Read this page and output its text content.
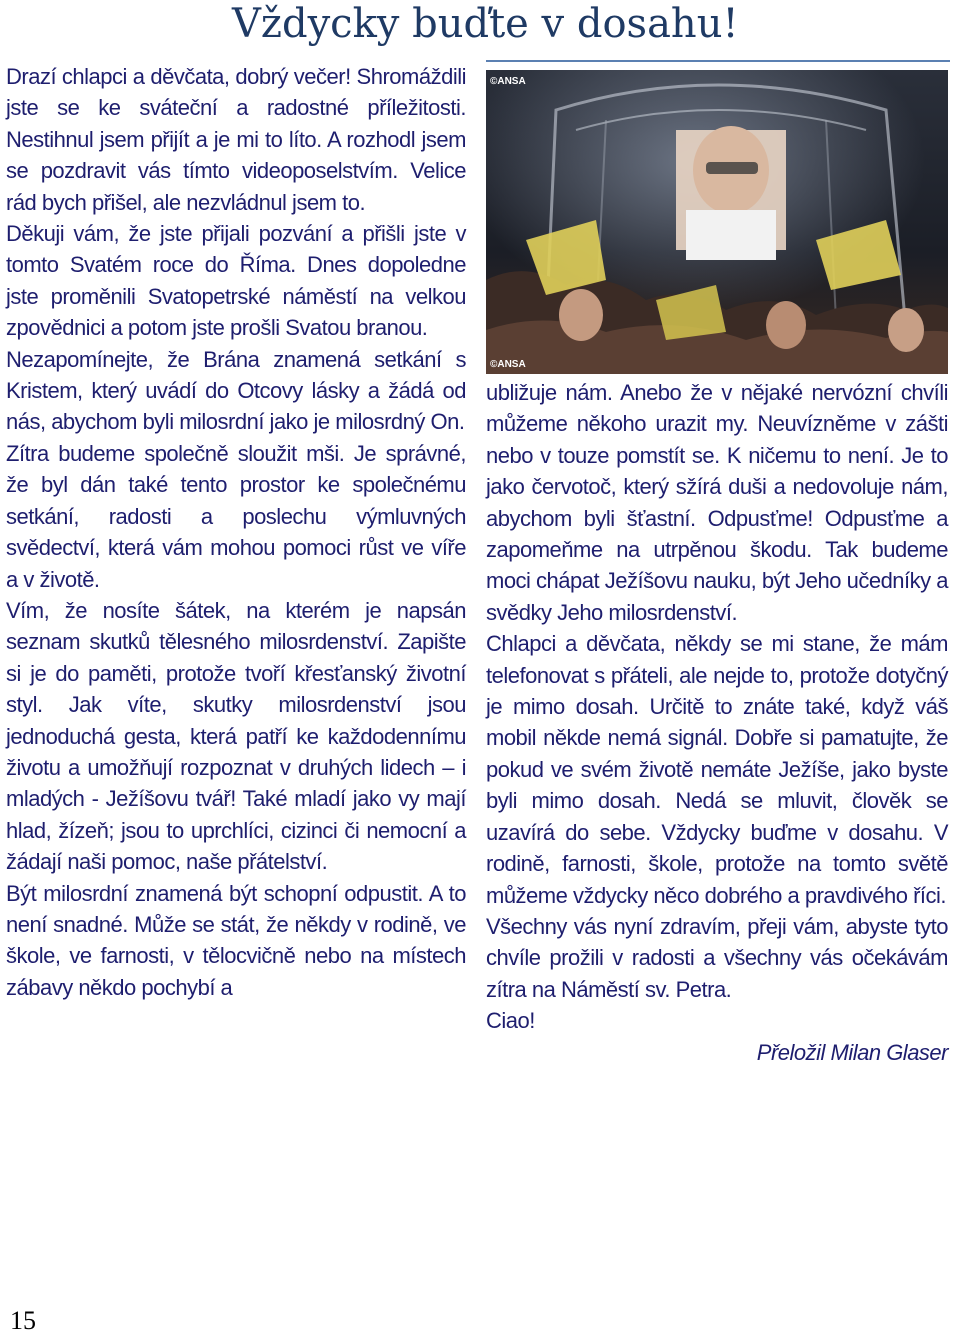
Vždycky buďte v dosahu!

Drazí chlapci a děvčata, dobrý večer! Shromáždili jste se ke sváteční a radostné příležitosti. Nestihnul jsem přijít a je mi to líto. A rozhodl jsem se pozdravit vás tímto videoposelstvím. Velice rád bych přišel, ale nezvládnul jsem to.

Děkuji vám, že jste přijali pozvání a přišli jste v tomto Svatém roce do Říma. Dnes dopoledne jste proměnili Svatopetrské náměstí na velkou zpovědnici a potom jste prošli Svatou branou.

Nezapomínejte, že Brána znamená setkání s Kristem, který uvádí do Otcovy lásky a žádá od nás, abychom byli milosrdní jako je milosrdný On.

Zítra budeme společně sloužit mši. Je správné, že byl dán také tento prostor ke společnému setkání, radosti a poslechu výmluvných svědectví, která vám mohou pomoci růst ve víře a v životě.

Vím, že nosíte šátek, na kterém je napsán seznam skutků tělesného milosrdenství. Zapište si je do paměti, protože tvoří křesťanský životní styl. Jak víte, skutky milosrdenství jsou jednoduchá gesta, která patří ke každodennímu životu a umožňují rozpoznat v druhých lidech – i mladých - Ježíšovu tvář! Také mladí jako vy mají hlad, žízeň; jsou to uprchlíci, cizinci či nemocní a žádají naši pomoc, naše přátelství.

Být milosrdní znamená být schopní odpustit. A to není snadné. Může se stát, že někdy v rodině, ve škole, ve farnosti, v tělocvičně nebo na místech zábavy někdo pochybí a

©ANSA
©ANSA

ubližuje nám. Anebo že v nějaké nervózní chvíli můžeme někoho urazit my. Neuvízněme v zášti nebo v touze pomstít se. K ničemu to není. Je to jako červotoč, který sžírá duši a nedovoluje nám, abychom byli šťastní. Odpusťme! Odpusťme a zapomeňme na utrpěnou škodu. Tak budeme moci chápat Ježíšovu nauku, být Jeho učedníky a svědky Jeho milosrdenství.

Chlapci a děvčata, někdy se mi stane, že mám telefonovat s přáteli, ale nejde to, protože dotyčný je mimo dosah. Určitě to znáte také, když váš mobil někde nemá signál. Dobře si pamatujte, že pokud ve svém životě nemáte Ježíše, jako byste byli mimo dosah. Nedá se mluvit, člověk se uzavírá do sebe. Vždycky buďme v dosahu. V rodině, farnosti, škole, protože na tomto světě můžeme vždycky něco dobrého a pravdivého říci.

Všechny vás nyní zdravím, přeji vám, abyste tyto chvíle prožili v radosti a všechny vás očekávám zítra na Náměstí sv. Petra.

Ciao!

Přeložil Milan Glaser

15
